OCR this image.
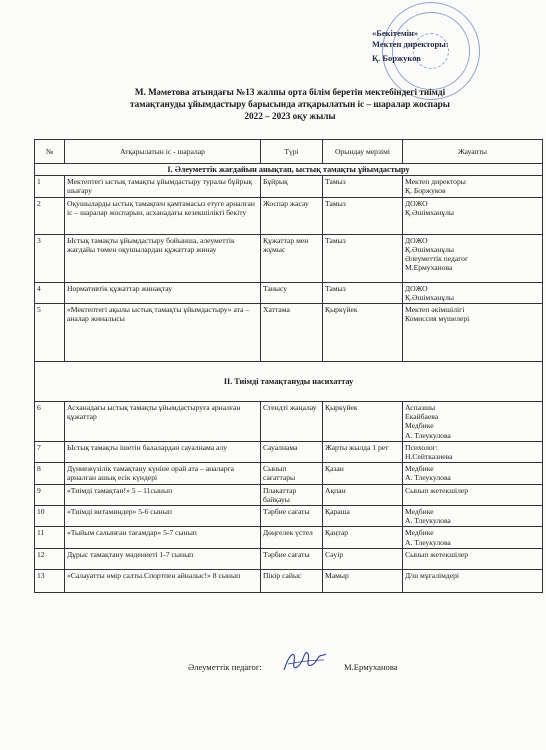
«Бекітемін»
Мектеп директоры:
Қ. Боржуков
М. Мәметова атындағы №13 жалпы орта білім беретін мектебіндегі тиімді
тамақтануды ұйымдастыру барысында атқарылатын іс – шаралар жоспары
2022 – 2023 оқу жылы
№	Атқарылатын іс - шаралар	Түрі	Орындау мерзімі	Жауапты
I. Әлеуметтік жағдайын анықтап, ыстық тамақты ұйымдастыру				
1	Мектептегі ыстық тамақты ұйымдастыру туралы бұйрық шығару	Бұйрық	Тамыз	Мектеп директоры
Қ. Боржуков

2	Оқушыларды ыстық тамақпен қамтамасыз етуге арналған іс – шаралар жоспарын, асханадағы кезекшілікті бекіту	Жоспар жасау	Тамыз	ДОЖО
Қ.Әшімханұлы

3	Ыстық тамақты ұйымдастыру бойынша, әлеуметтік жағдайы төмен оқушылардан құжаттар жинау	Құжаттар мен жұмыс	Тамыз	ДОЖО
Қ.Әшімханұлы
Әлеуметтік педагог
М.Ермуханова

4	Нормативтік құжаттар жинақтау	Танысу	Тамыз	ДОЖО
Қ.Әшімханұлы

5	«Мектептегі ақылы ыстық тамақты ұйымдастыру» ата – аналар жиналысы	Хаттама	Қыркүйек	Мектеп әкімшілігі
Комиссия мүшелері

II. Тиімді тамақтануды насихаттау				
6	Асханадағы ыстық тамақты ұйымдастыруға арналған құжаттар	Стендті жаңалау	Қыркүйек	Аспазшы
Екайбаева
Медбике
А. Тлеукулова

7	Ыстық тамақты ішетін балалардан сауалнама алу	Сауалнама	Жарты жылда 1 рет	Психолог:
Н.Сейтказиева

8	Дүниежүзілік тамақтану күніне орай ата – аналарға арналған ашық есік күндері	Сынып сағаттары	Қазан	Медбике
А. Тлеукулова

9	«Тиімді тамақтан!» 5 – 11сынып	Плакаттар байқауы	Ақпан	Сынып жетекшілер

10	«Тиімді витаминдер» 5-6 сынып	Тәрбие сағаты	Қараша	Медбике
А. Тлеукулова

11	«Тыйым салынған тағамдар» 5-7 сынып	Дөңгелек үстел	Қаңтар	Медбике
А. Тлеукулова

12	Дұрыс тамақтану мәдениеті 1-7 сынып	Тәрбие сағаты	Сәуір	Сынып жетекшілер

13	«Салауатты өмір салты.Спортпен айналыс!» 8 сынып	Пікір сайыс	Мамыр	Д/ш мұғалімдері
Әлеуметтік педагог:	М.Ермуханова
